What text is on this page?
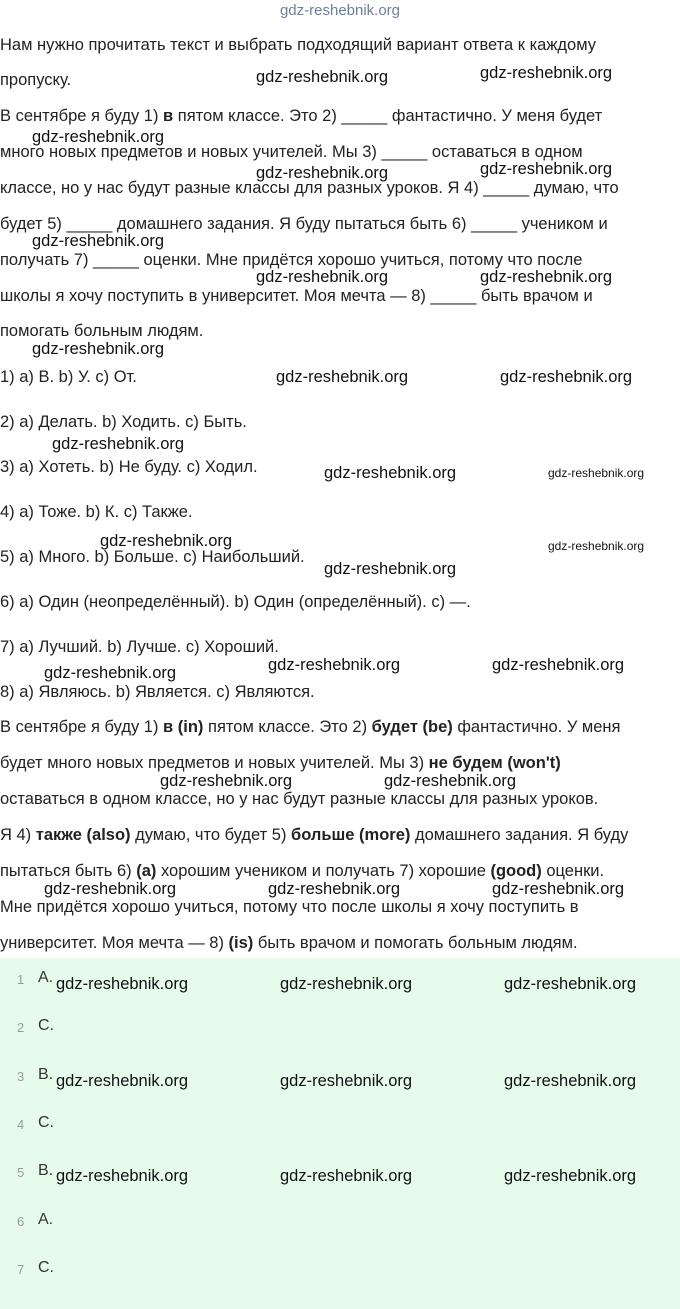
gdz-reshebnik.org
Нам нужно прочитать текст и выбрать подходящий вариант ответа к каждому
пропуску.
В сентябре я буду 1) в пятом классе. Это 2) _____ фантастично. У меня будет
много новых предметов и новых учителей. Мы 3) _____ оставаться в одном
классе, но у нас будут разные классы для разных уроков. Я 4) _____ думаю, что
будет 5) _____ домашнего задания. Я буду пытаться быть 6) _____ учеником и
получать 7) _____ оценки. Мне придётся хорошо учиться, потому что после
школы я хочу поступить в университет. Моя мечта — 8) _____ быть врачом и
помогать больным людям.
1) a) В. b) У. c) От.
2) a) Делать. b) Ходить. c) Быть.
3) a) Хотеть. b) Не буду. c) Ходил.
4) a) Тоже. b) К. c) Также.
5) a) Много. b) Больше. c) Наибольший.
6) a) Один (неопределённый). b) Один (определённый). c) —.
7) a) Лучший. b) Лучше. c) Хороший.
8) a) Являюсь. b) Является. c) Являются.
В сентябре я буду 1) в (in) пятом классе. Это 2) будет (be) фантастично. У меня
будет много новых предметов и новых учителей. Мы 3) не будем (won't)
оставаться в одном классе, но у нас будут разные классы для разных уроков.
Я 4) также (also) думаю, что будет 5) больше (more) домашнего задания. Я буду
пытаться быть 6) (a) хорошим учеником и получать 7) хорошие (good) оценки.
Мне придётся хорошо учиться, потому что после школы я хочу поступить в
университет. Моя мечта — 8) (is) быть врачом и помогать больным людям.
1 A.
2 C.
3 B.
4 C.
5 B.
6 A.
7 C.
gdz-reshebnik.org	gdz-reshebnik.org
gdz-reshebnik.org
gdz-reshebnik.org	gdz-reshebnik.org
gdz-reshebnik.org
gdz-reshebnik.org	gdz-reshebnik.org
gdz-reshebnik.org
gdz-reshebnik.org	gdz-reshebnik.org
gdz-reshebnik.org
gdz-reshebnik.org	gdz-reshebnik.org
gdz-reshebnik.org	gdz-reshebnik.org
gdz-reshebnik.org
gdz-reshebnik.org	gdz-reshebnik.org
gdz-reshebnik.org
gdz-reshebnik.org	gdz-reshebnik.org
gdz-reshebnik.org	gdz-reshebnik.org	gdz-reshebnik.org
gdz-reshebnik.org	gdz-reshebnik.org	gdz-reshebnik.org
gdz-reshebnik.org	gdz-reshebnik.org	gdz-reshebnik.org
gdz-reshebnik.org	gdz-reshebnik.org	gdz-reshebnik.org
